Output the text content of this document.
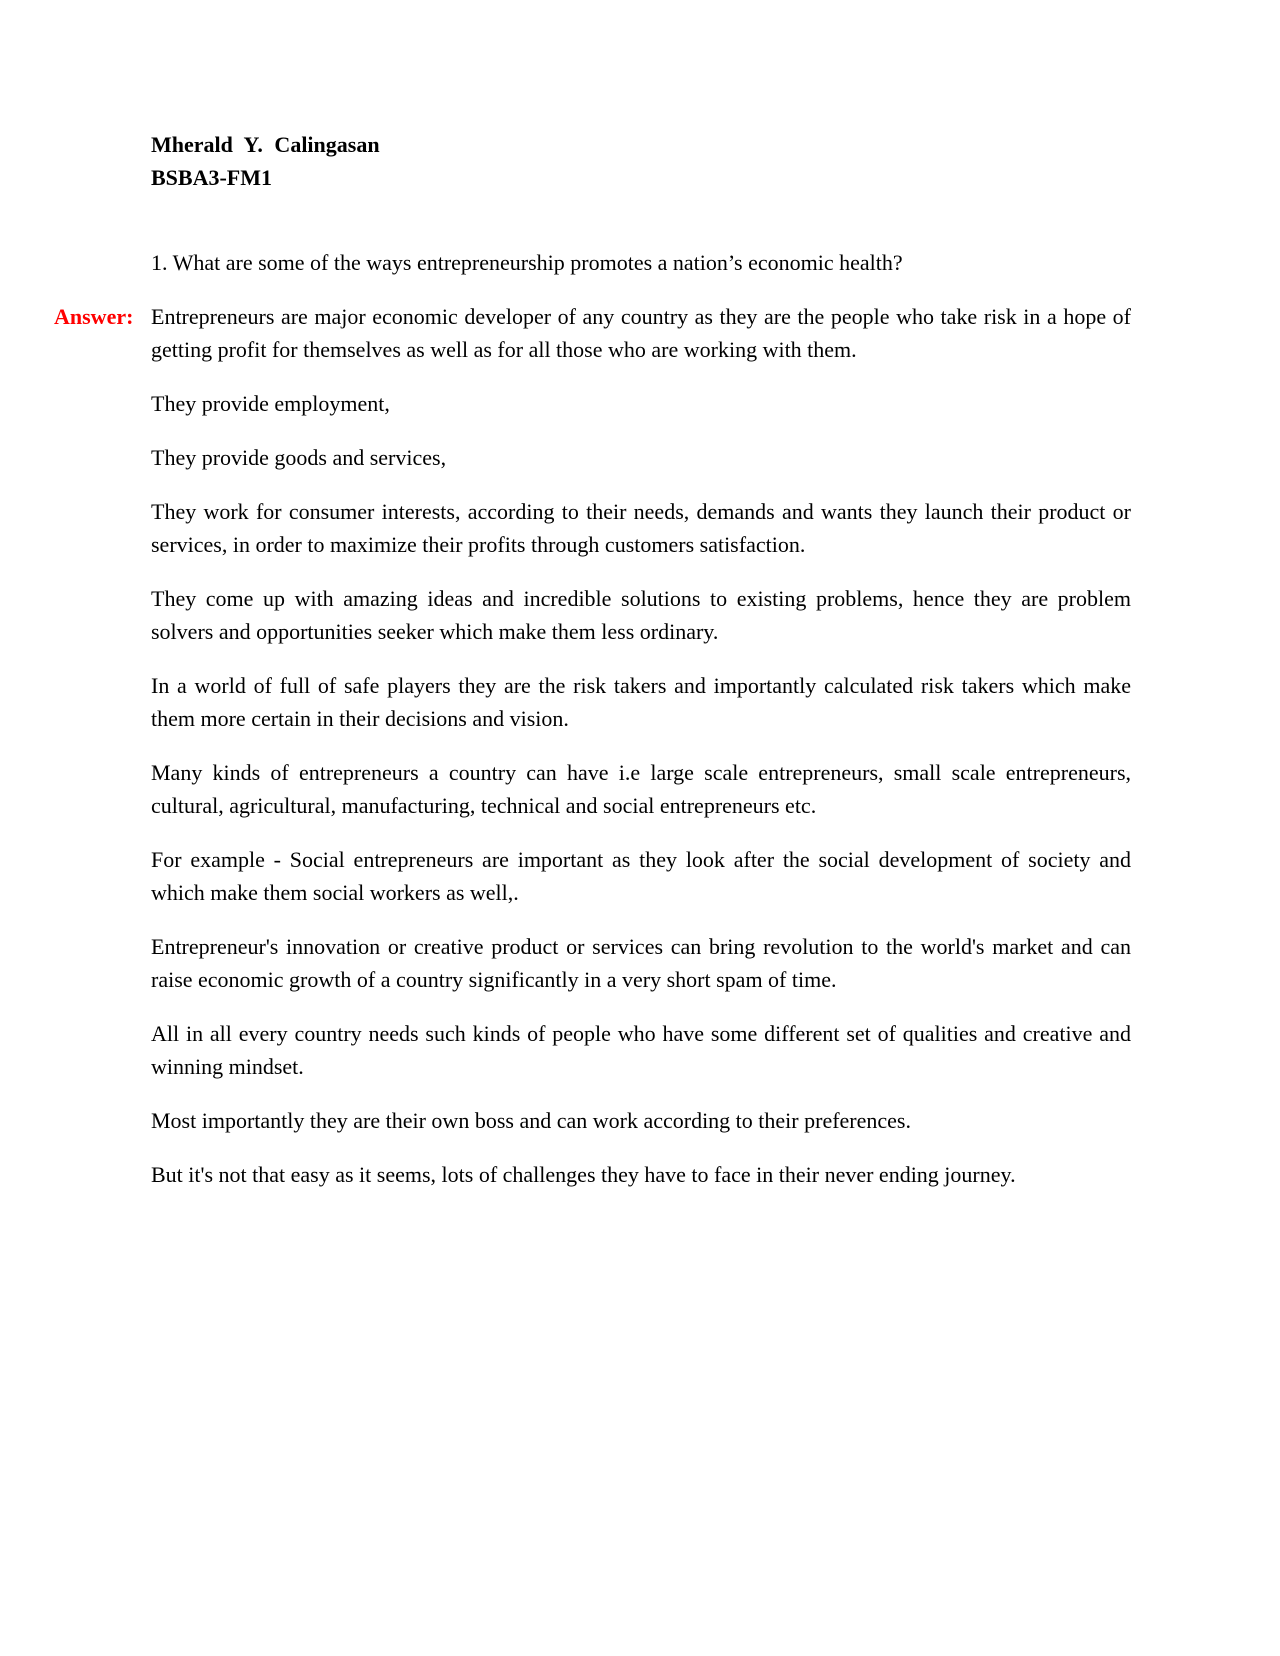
Mherald Y. Calingasan
BSBA3-FM1
1. What are some of the ways entrepreneurship promotes a nation’s economic health?
Answer: Entrepreneurs are major economic developer of any country as they are the people who take risk in a hope of getting profit for themselves as well as for all those who are working with them.

They provide employment,

They provide goods and services,

They work for consumer interests, according to their needs, demands and wants they launch their product or services, in order to maximize their profits through customers satisfaction.

They come up with amazing ideas and incredible solutions to existing problems, hence they are problem solvers and opportunities seeker which make them less ordinary.

In a world of full of safe players they are the risk takers and importantly calculated risk takers which make them more certain in their decisions and vision.

Many kinds of entrepreneurs a country can have i.e large scale entrepreneurs, small scale entrepreneurs, cultural, agricultural, manufacturing, technical and social entrepreneurs etc.

For example - Social entrepreneurs are important as they look after the social development of society and which make them social workers as well,.

Entrepreneur's innovation or creative product or services can bring revolution to the world's market and can raise economic growth of a country significantly in a very short spam of time.

All in all every country needs such kinds of people who have some different set of qualities and creative and winning mindset.

Most importantly they are their own boss and can work according to their preferences.

But it's not that easy as it seems, lots of challenges they have to face in their never ending journey.
